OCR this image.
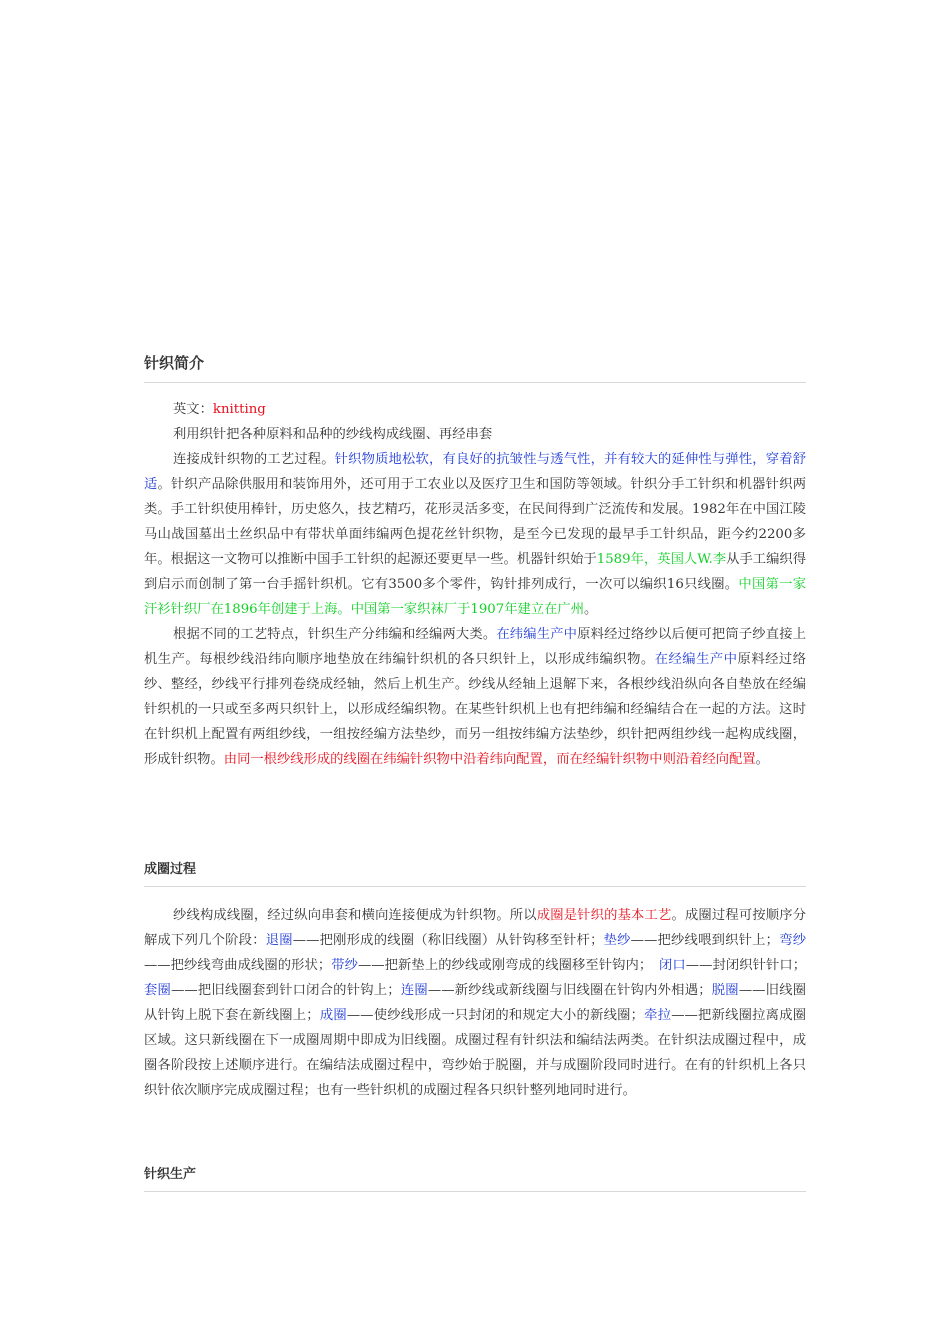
针织简介

英文：knitting

利用织针把各种原料和品种的纱线构成线圈、再经串套

连接成针织物的工艺过程。针织物质地松软，有良好的抗皱性与透气性，并有较大的延伸性与弹性，穿着舒适。针织产品除供服用和装饰用外，还可用于工农业以及医疗卫生和国防等领域。针织分手工针织和机器针织两类。手工针织使用棒针，历史悠久，技艺精巧，花形灵活多变，在民间得到广泛流传和发展。1982年在中国江陵马山战国墓出土丝织品中有带状单面纬编两色提花丝针织物，是至今已发现的最早手工针织品，距今约2200多年。根据这一文物可以推断中国手工针织的起源还要更早一些。机器针织始于1589年，英国人W.李从手工编织得到启示而创制了第一台手摇针织机。它有3500多个零件，钩针排列成行，一次可以编织16只线圈。中国第一家汗衫针织厂在1896年创建于上海。中国第一家织袜厂于1907年建立在广州。

根据不同的工艺特点，针织生产分纬编和经编两大类。在纬编生产中原料经过络纱以后便可把筒子纱直接上机生产。每根纱线沿纬向顺序地垫放在纬编针织机的各只织针上，以形成纬编织物。在经编生产中原料经过络纱、整经，纱线平行排列卷绕成经轴，然后上机生产。纱线从经轴上退解下来，各根纱线沿纵向各自垫放在经编针织机的一只或至多两只织针上，以形成经编织物。在某些针织机上也有把纬编和经编结合在一起的方法。这时在针织机上配置有两组纱线，一组按经编方法垫纱，而另一组按纬编方法垫纱，织针把两组纱线一起构成线圈，形成针织物。由同一根纱线形成的线圈在纬编针织物中沿着纬向配置，而在经编针织物中则沿着经向配置。

成圈过程

纱线构成线圈，经过纵向串套和横向连接便成为针织物。所以成圈是针织的基本工艺。成圈过程可按顺序分解成下列几个阶段：退圈——把刚形成的线圈（称旧线圈）从针钩移至针杆；垫纱——把纱线喂到织针上；弯纱——把纱线弯曲成线圈的形状；带纱——把新垫上的纱线或刚弯成的线圈移至针钩内；　闭口——封闭织针针口；套圈——把旧线圈套到针口闭合的针钩上；连圈——新纱线或新线圈与旧线圈在针钩内外相遇；脱圈——旧线圈从针钩上脱下套在新线圈上；成圈——使纱线形成一只封闭的和规定大小的新线圈；牵拉——把新线圈拉离成圈区域。这只新线圈在下一成圈周期中即成为旧线圈。成圈过程有针织法和编结法两类。在针织法成圈过程中，成圈各阶段按上述顺序进行。在编结法成圈过程中，弯纱始于脱圈，并与成圈阶段同时进行。在有的针织机上各只织针依次顺序完成成圈过程；也有一些针织机的成圈过程各只织针整列地同时进行。

针织生产
